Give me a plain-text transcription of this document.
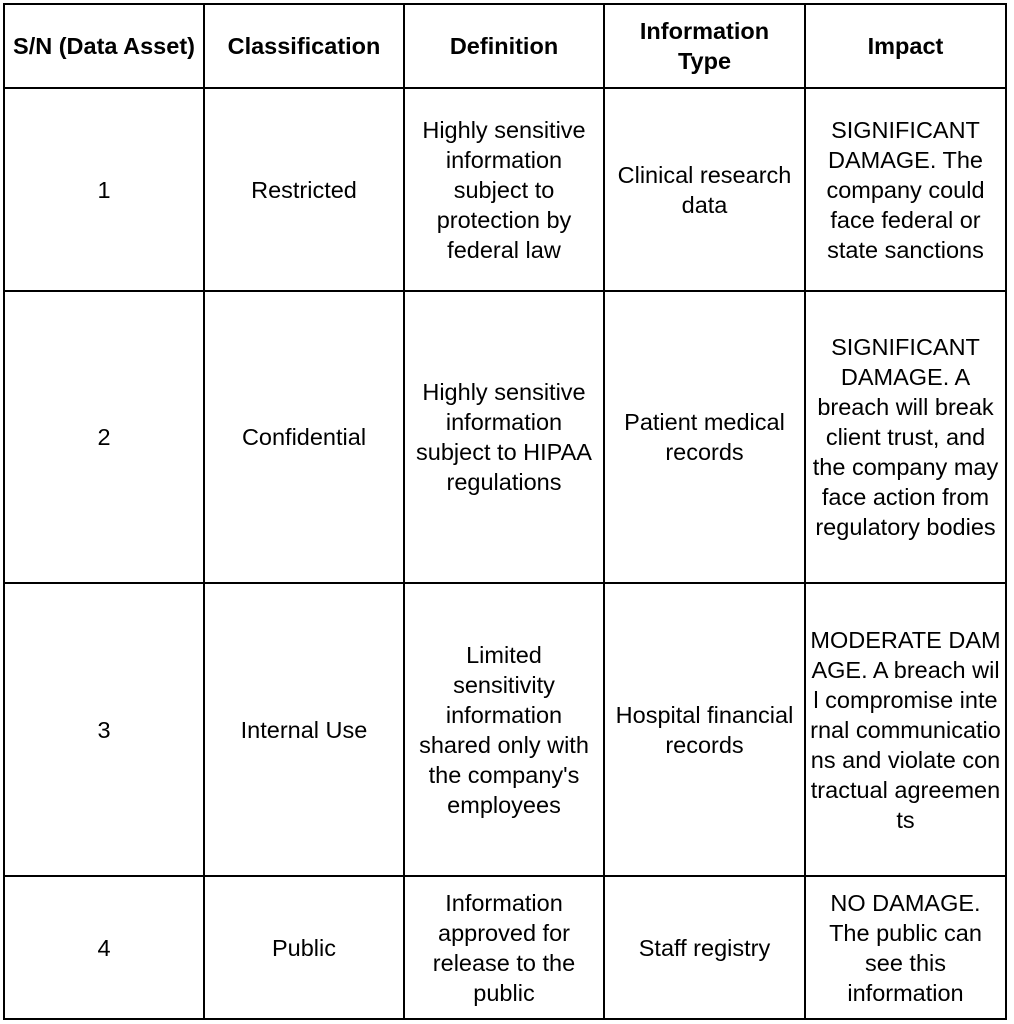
S/N (Data Asset)	Classification	Definition	Information Type	Impact
1	Restricted	Highly sensitive information subject to protection by federal law	Clinical research data	SIGNIFICANT DAMAGE. The company could face federal or state sanctions
2	Confidential	Highly sensitive information subject to HIPAA regulations	Patient medical records	SIGNIFICANT DAMAGE. A breach will break client trust, and the company may face action from regulatory bodies
3	Internal Use	Limited sensitivity information shared only with the company's employees	Hospital financial records	MODERATE DAMAGE. A breach will compromise internal communications and violate contractual agreements
4	Public	Information approved for release to the public	Staff registry	NO DAMAGE. The public can see this information
